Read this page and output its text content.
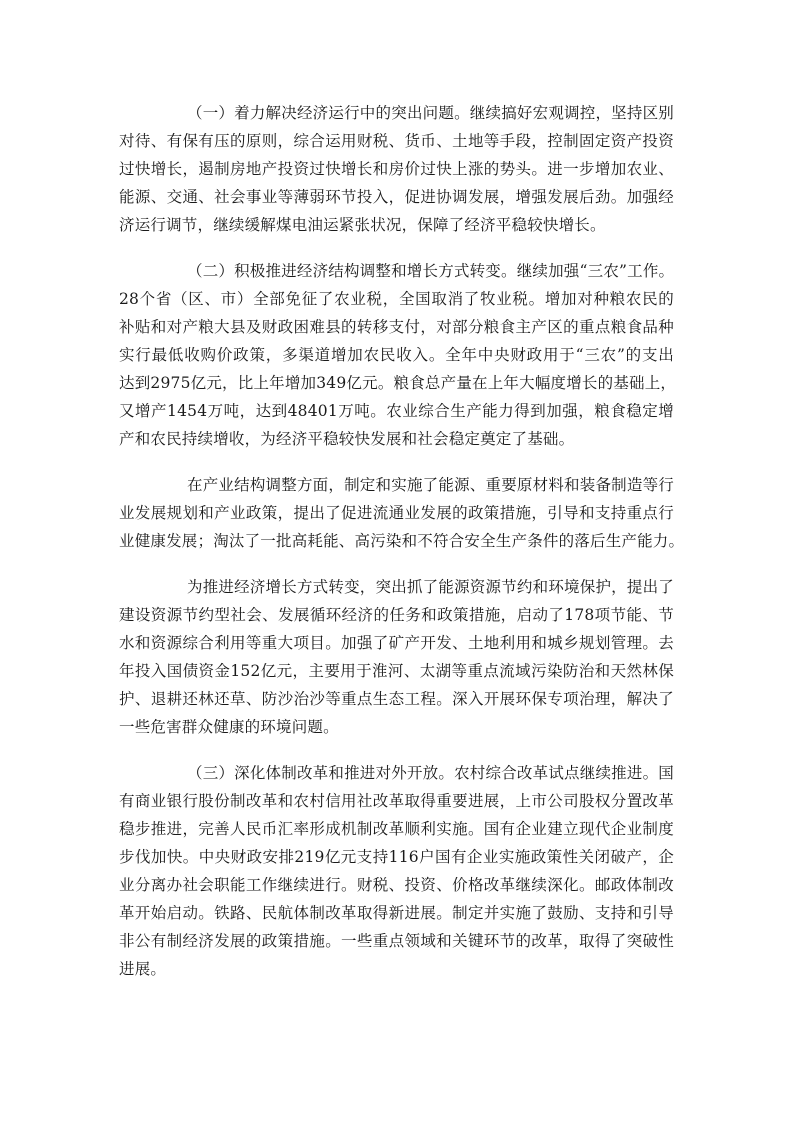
（一）着力解决经济运行中的突出问题。继续搞好宏观调控，坚持区别
对待、有保有压的原则，综合运用财税、货币、土地等手段，控制固定资产投资
过快增长，遏制房地产投资过快增长和房价过快上涨的势头。进一步增加农业、
能源、交通、社会事业等薄弱环节投入，促进协调发展，增强发展后劲。加强经
济运行调节，继续缓解煤电油运紧张状况，保障了经济平稳较快增长。
（二）积极推进经济结构调整和增长方式转变。继续加强“三农”工作。
28个省（区、市）全部免征了农业税，全国取消了牧业税。增加对种粮农民的
补贴和对产粮大县及财政困难县的转移支付，对部分粮食主产区的重点粮食品种
实行最低收购价政策，多渠道增加农民收入。全年中央财政用于“三农”的支出
达到2975亿元，比上年增加349亿元。粮食总产量在上年大幅度增长的基础上，
又增产1454万吨，达到48401万吨。农业综合生产能力得到加强，粮食稳定增
产和农民持续增收，为经济平稳较快发展和社会稳定奠定了基础。
在产业结构调整方面，制定和实施了能源、重要原材料和装备制造等行
业发展规划和产业政策，提出了促进流通业发展的政策措施，引导和支持重点行
业健康发展；淘汰了一批高耗能、高污染和不符合安全生产条件的落后生产能力。
为推进经济增长方式转变，突出抓了能源资源节约和环境保护，提出了
建设资源节约型社会、发展循环经济的任务和政策措施，启动了178项节能、节
水和资源综合利用等重大项目。加强了矿产开发、土地利用和城乡规划管理。去
年投入国债资金152亿元，主要用于淮河、太湖等重点流域污染防治和天然林保
护、退耕还林还草、防沙治沙等重点生态工程。深入开展环保专项治理，解决了
一些危害群众健康的环境问题。
（三）深化体制改革和推进对外开放。农村综合改革试点继续推进。国
有商业银行股份制改革和农村信用社改革取得重要进展，上市公司股权分置改革
稳步推进，完善人民币汇率形成机制改革顺利实施。国有企业建立现代企业制度
步伐加快。中央财政安排219亿元支持116户国有企业实施政策性关闭破产，企
业分离办社会职能工作继续进行。财税、投资、价格改革继续深化。邮政体制改
革开始启动。铁路、民航体制改革取得新进展。制定并实施了鼓励、支持和引导
非公有制经济发展的政策措施。一些重点领域和关键环节的改革，取得了突破性
进展。
